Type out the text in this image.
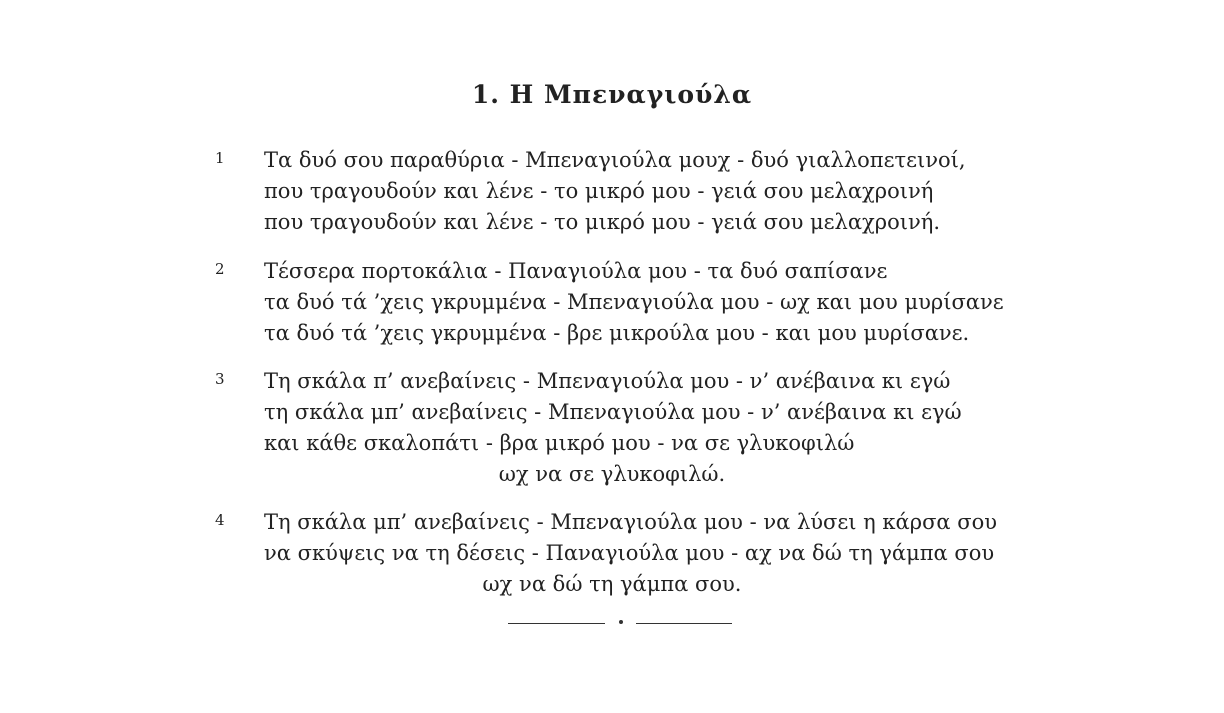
1. Η Μπεναγιούλα
1 Τα δυό σου παραθύρια - Μπεναγιούλα μουχ - δυό γιαλλοπετεινοί,
που τραγουδούν και λένε - το μικρό μου - γειά σου μελαχροινή
που τραγουδούν και λένε - το μικρό μου - γειά σου μελαχροινή.
2 Τέσσερα πορτοκάλια - Παναγιούλα μου - τα δυό σαπίσανε
τα δυό τά ’χεις γκρυμμένα - Μπεναγιούλα μου - ωχ και μου μυρίσανε
τα δυό τά ’χεις γκρυμμένα - βρε μικρούλα μου - και μου μυρίσανε.
3 Τη σκάλα π’ ανεβαίνεις - Μπεναγιούλα μου - ν’ ανέβαινα κι εγώ
τη σκάλα μπ’ ανεβαίνεις - Μπεναγιούλα μου - ν’ ανέβαινα κι εγώ
και κάθε σκαλοπάτι - βρα μικρό μου - να σε γλυκοφιλώ
ωχ να σε γλυκοφιλώ.
4 Τη σκάλα μπ’ ανεβαίνεις - Μπεναγιούλα μου - να λύσει η κάρσα σου
να σκύψεις να τη δέσεις - Παναγιούλα μου - αχ να δώ τη γάμπα σου
ωχ να δώ τη γάμπα σου.
